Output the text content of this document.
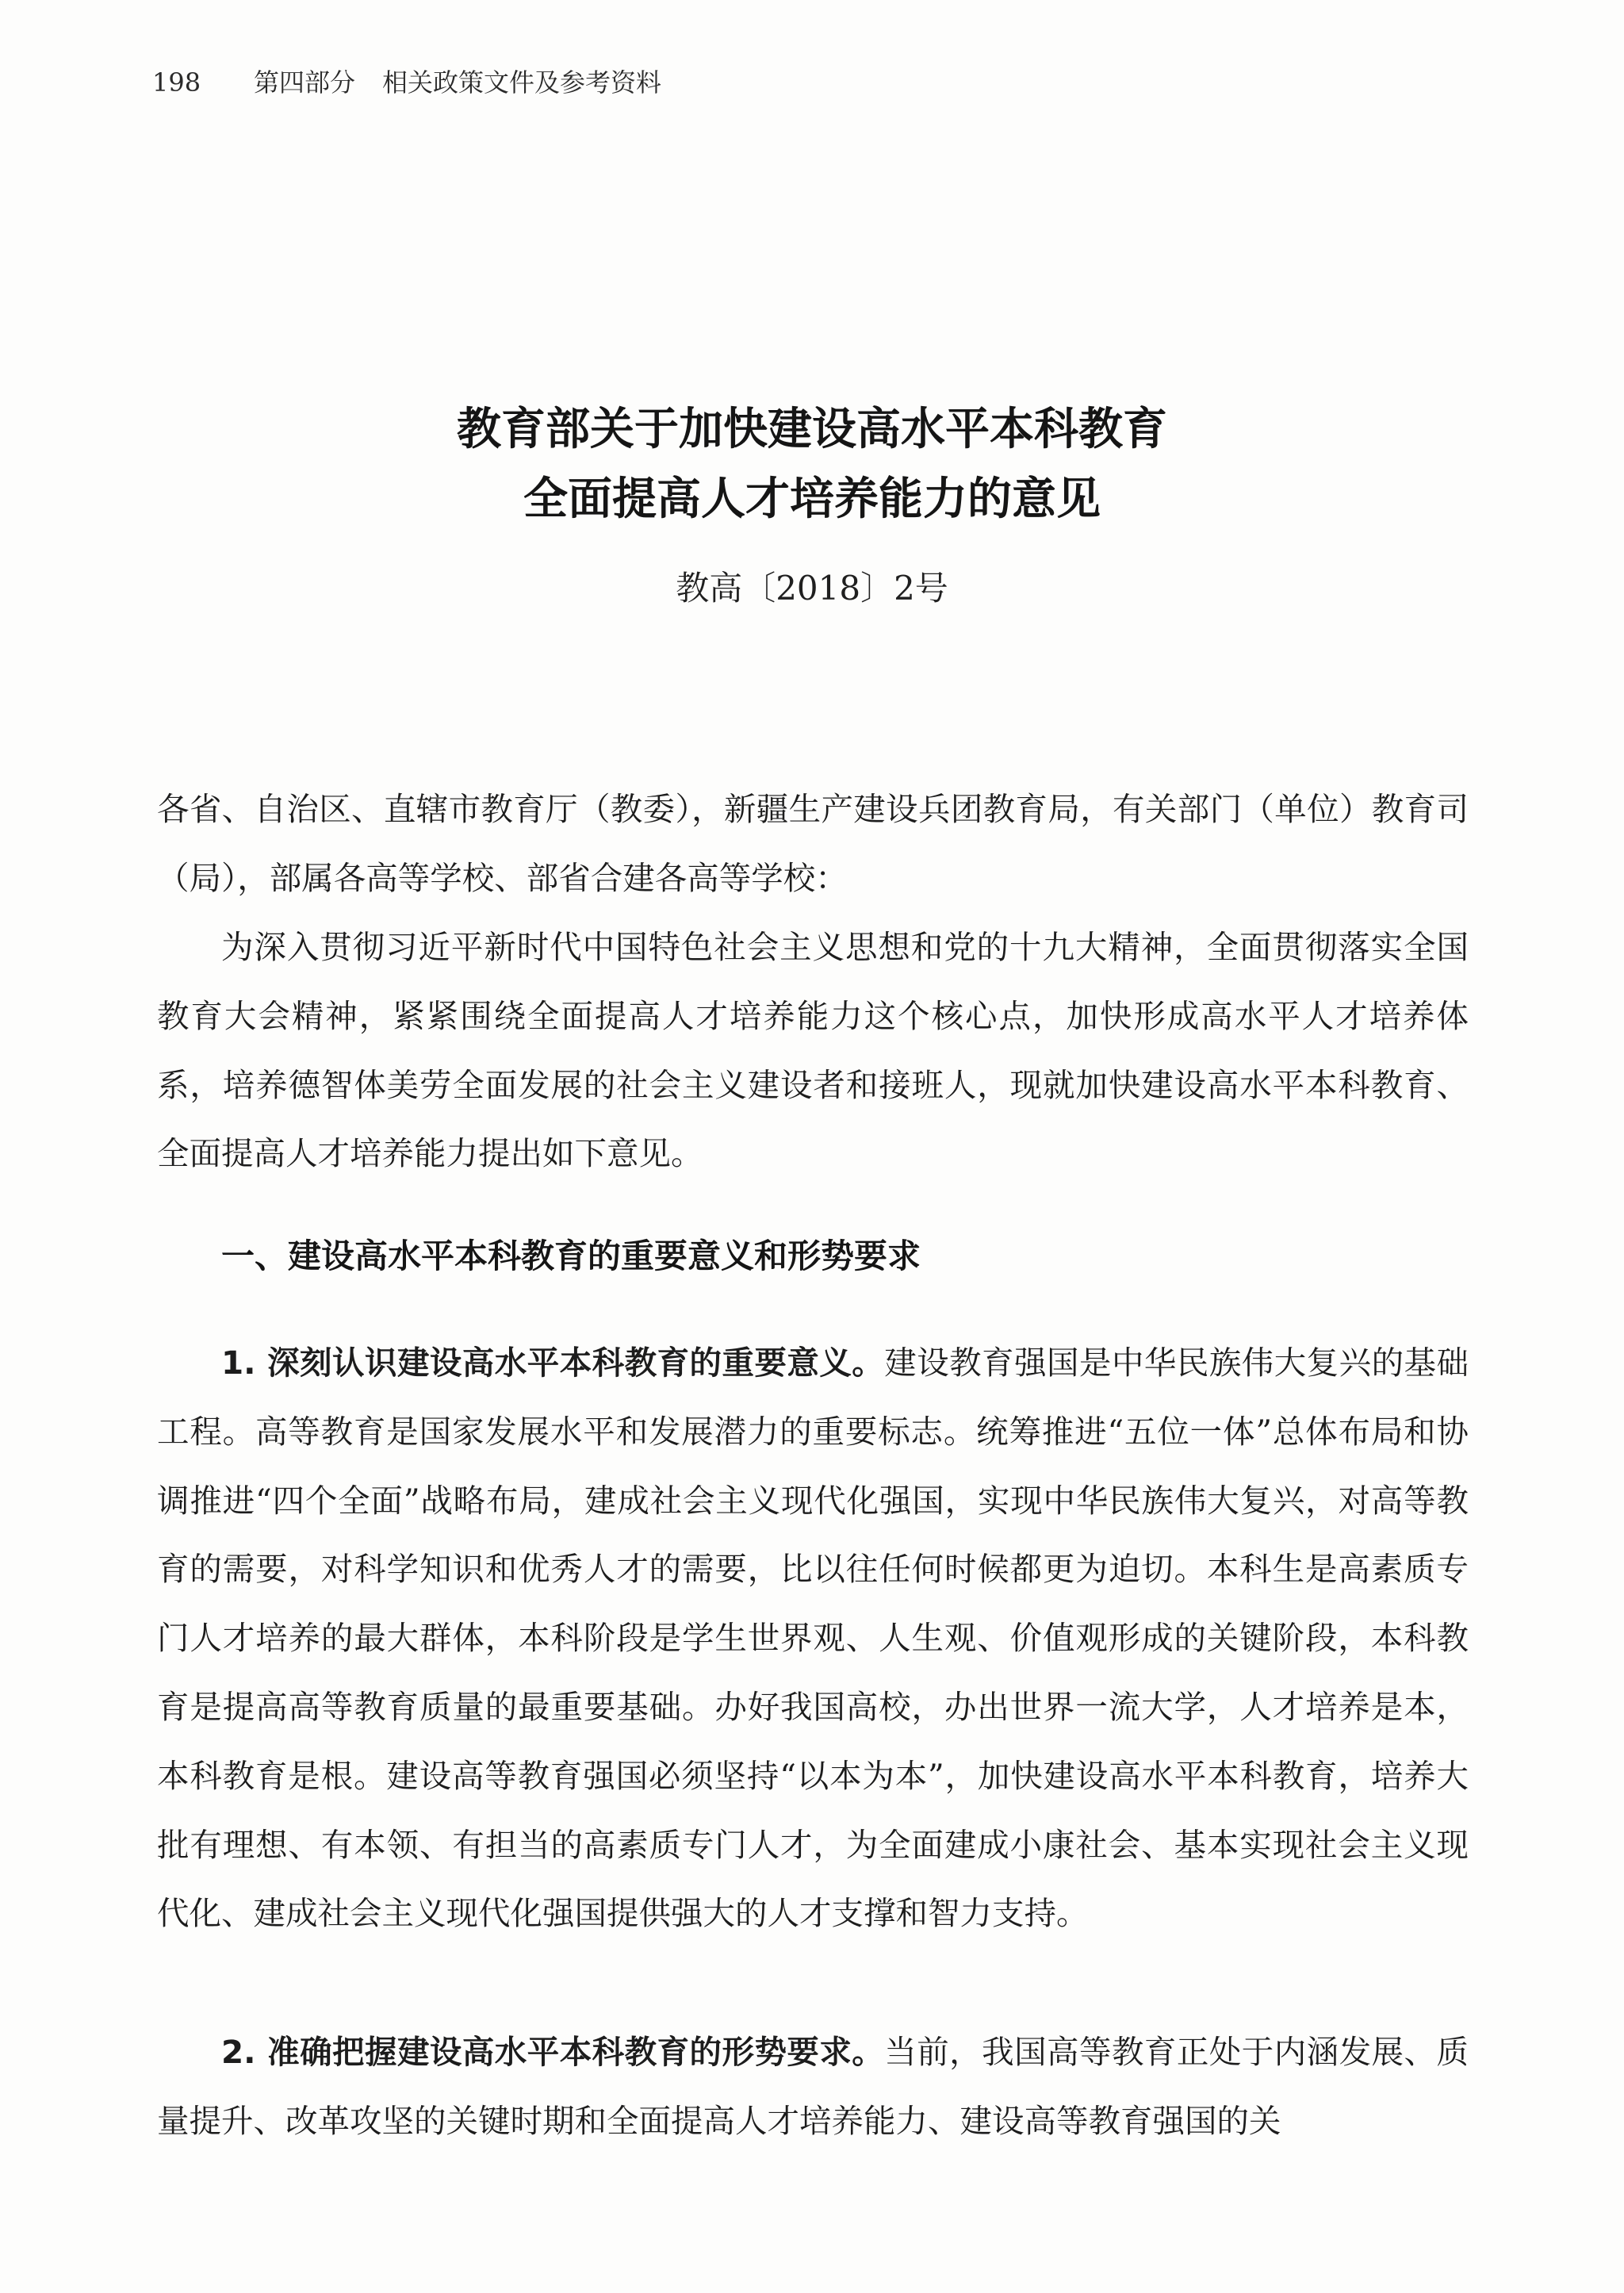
198 第四部分 相关政策文件及参考资料
教育部关于加快建设高水平本科教育
全面提高人才培养能力的意见
教高〔2018〕2号
各省、自治区、直辖市教育厅（教委），新疆生产建设兵团教育局，有关部门（单位）教育司（局），部属各高等学校、部省合建各高等学校：
为深入贯彻习近平新时代中国特色社会主义思想和党的十九大精神，全面贯彻落实全国教育大会精神，紧紧围绕全面提高人才培养能力这个核心点，加快形成高水平人才培养体系，培养德智体美劳全面发展的社会主义建设者和接班人，现就加快建设高水平本科教育、全面提高人才培养能力提出如下意见。
一、建设高水平本科教育的重要意义和形势要求
1. 深刻认识建设高水平本科教育的重要意义。建设教育强国是中华民族伟大复兴的基础工程。高等教育是国家发展水平和发展潜力的重要标志。统筹推进“五位一体”总体布局和协调推进“四个全面”战略布局，建成社会主义现代化强国，实现中华民族伟大复兴，对高等教育的需要，对科学知识和优秀人才的需要，比以往任何时候都更为迫切。本科生是高素质专门人才培养的最大群体，本科阶段是学生世界观、人生观、价值观形成的关键阶段，本科教育是提高高等教育质量的最重要基础。办好我国高校，办出世界一流大学，人才培养是本，本科教育是根。建设高等教育强国必须坚持“以本为本”，加快建设高水平本科教育，培养大批有理想、有本领、有担当的高素质专门人才，为全面建成小康社会、基本实现社会主义现代化、建成社会主义现代化强国提供强大的人才支撑和智力支持。
2. 准确把握建设高水平本科教育的形势要求。当前，我国高等教育正处于内涵发展、质量提升、改革攻坚的关键时期和全面提高人才培养能力、建设高等教育强国的关
